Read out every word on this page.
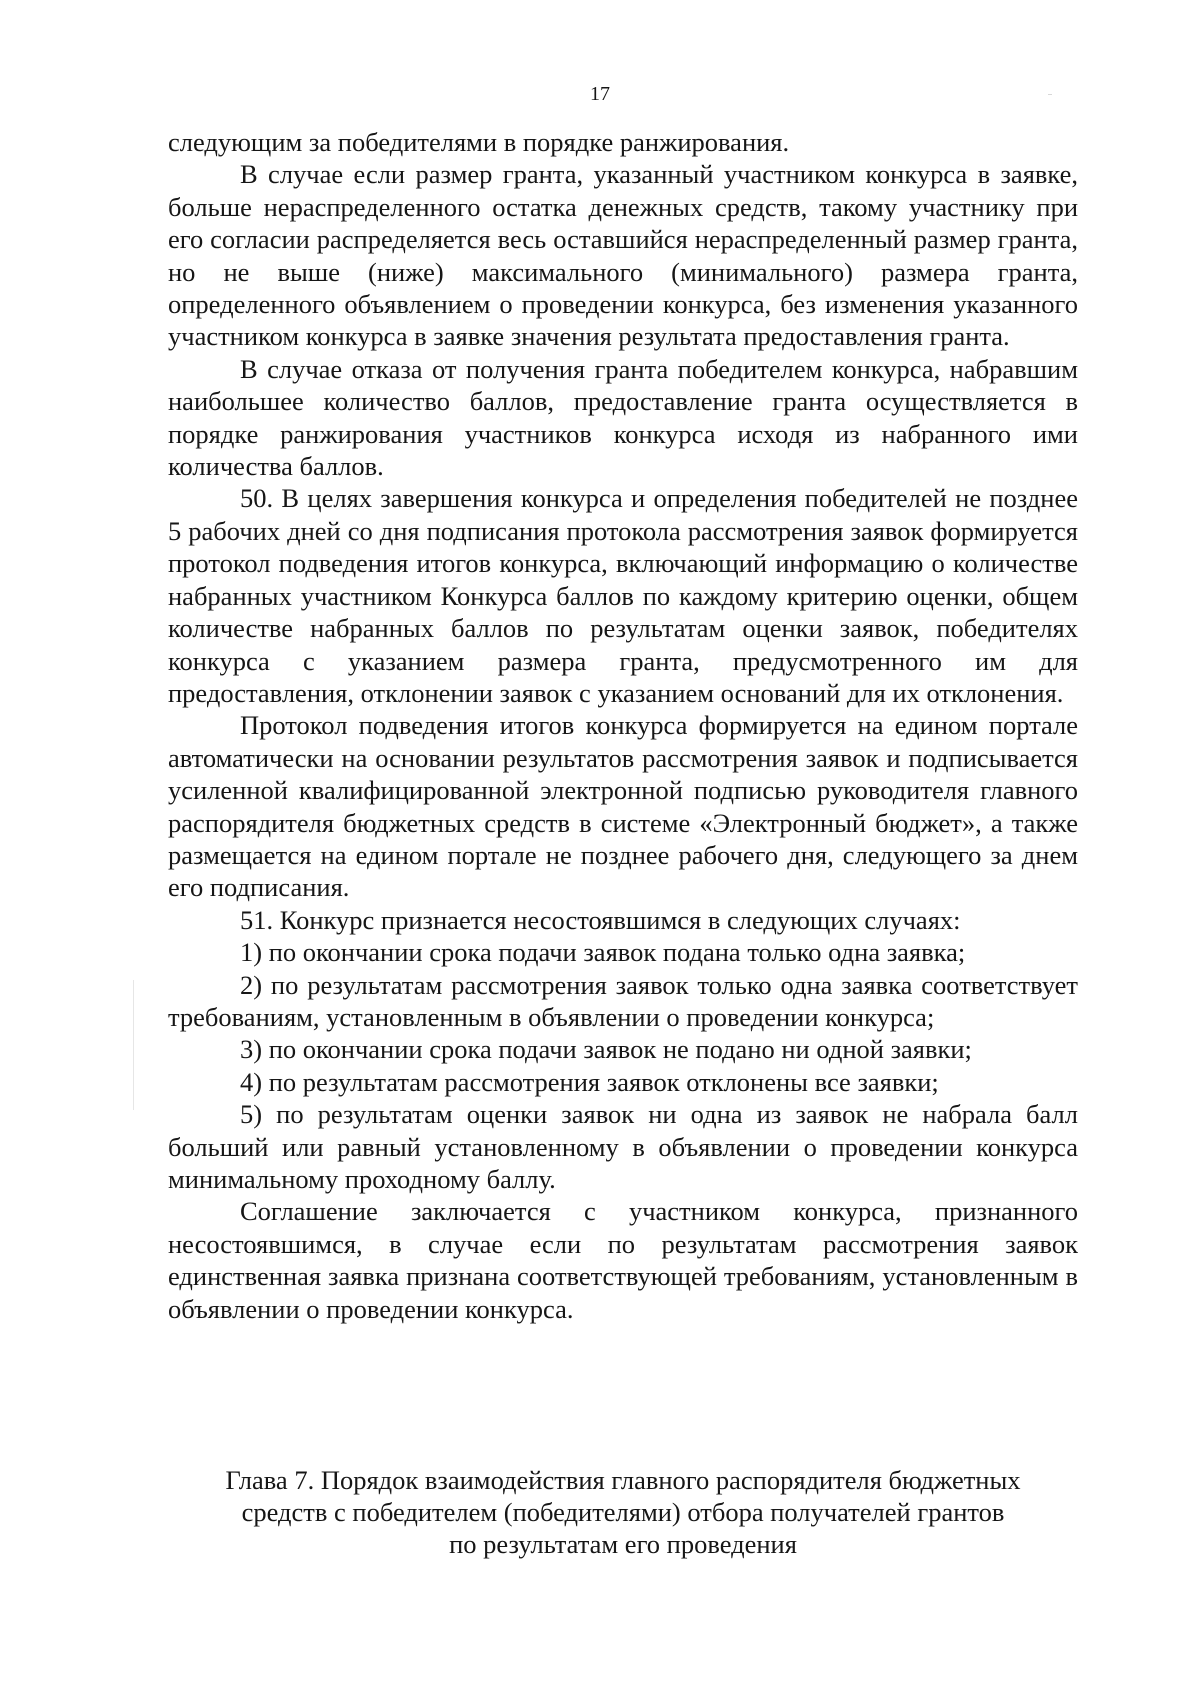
17

следующим за победителями в порядке ранжирования.

В случае если размер гранта, указанный участником конкурса в заявке, больше нераспределенного остатка денежных средств, такому участнику при его согласии распределяется весь оставшийся нераспределенный размер гранта, но не выше (ниже) максимального (минимального) размера гранта, определенного объявлением о проведении конкурса, без изменения указанного участником конкурса в заявке значения результата предоставления гранта.

В случае отказа от получения гранта победителем конкурса, набравшим наибольшее количество баллов, предоставление гранта осуществляется в порядке ранжирования участников конкурса исходя из набранного ими количества баллов.

50. В целях завершения конкурса и определения победителей не позднее 5 рабочих дней со дня подписания протокола рассмотрения заявок формируется протокол подведения итогов конкурса, включающий информацию о количестве набранных участником Конкурса баллов по каждому критерию оценки, общем количестве набранных баллов по результатам оценки заявок, победителях конкурса с указанием размера гранта, предусмотренного им для предоставления, отклонении заявок с указанием оснований для их отклонения.

Протокол подведения итогов конкурса формируется на едином портале автоматически на основании результатов рассмотрения заявок и подписывается усиленной квалифицированной электронной подписью руководителя главного распорядителя бюджетных средств в системе «Электронный бюджет», а также размещается на едином портале не позднее рабочего дня, следующего за днем его подписания.

51. Конкурс признается несостоявшимся в следующих случаях:

1) по окончании срока подачи заявок подана только одна заявка;

2) по результатам рассмотрения заявок только одна заявка соответствует требованиям, установленным в объявлении о проведении конкурса;

3) по окончании срока подачи заявок не подано ни одной заявки;

4) по результатам рассмотрения заявок отклонены все заявки;

5) по результатам оценки заявок ни одна из заявок не набрала балл больший или равный установленному в объявлении о проведении конкурса минимальному проходному баллу.

Соглашение заключается с участником конкурса, признанного несостоявшимся, в случае если по результатам рассмотрения заявок единственная заявка признана соответствующей требованиям, установленным в объявлении о проведении конкурса.

Глава 7. Порядок взаимодействия главного распорядителя бюджетных
средств с победителем (победителями) отбора получателей грантов
по результатам его проведения
